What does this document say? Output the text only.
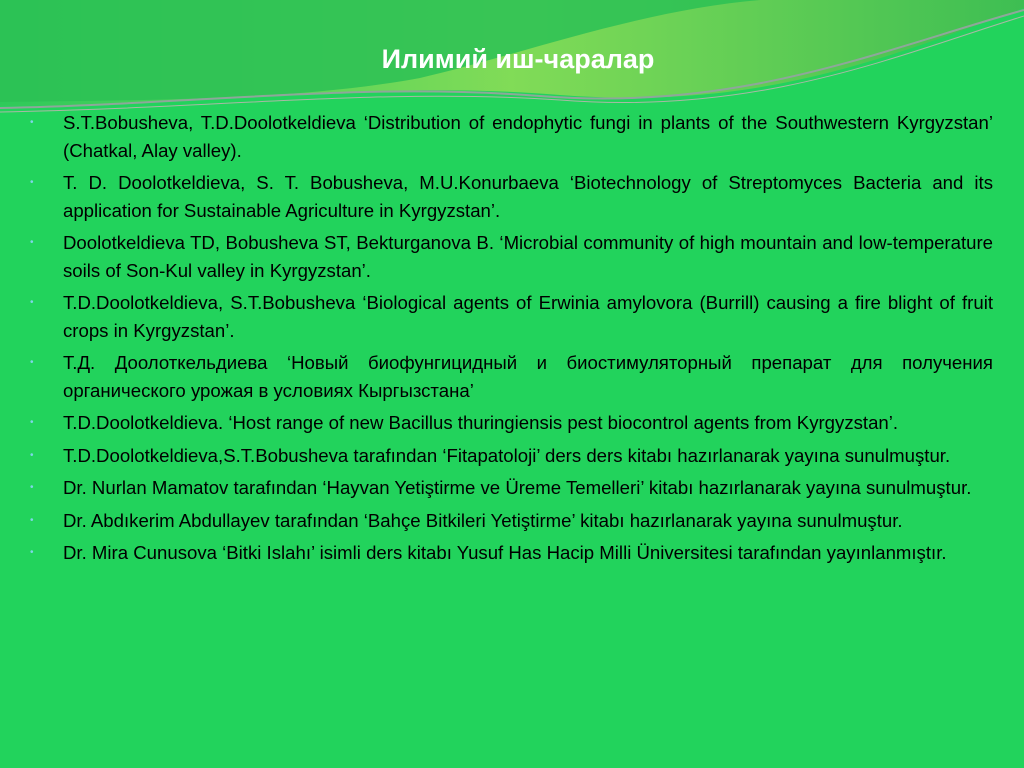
Илимий иш-чаралар
• S.T.Bobusheva, T.D.Doolotkeldieva ‘Distribution of endophytic fungi in plants of the Southwestern Kyrgyzstan’ (Chatkal, Alay valley).
• T. D. Doolotkeldieva, S. T. Bobusheva, M.U.Konurbaeva ‘Biotechnology of Streptomyces Bacteria and its application for Sustainable Agriculture in Kyrgyzstan’.
• Doolotkeldieva TD, Bobusheva ST, Bekturganova B. ‘Microbial community of high mountain and low-temperature soils of Son-Kul valley in Kyrgyzstan’.
• T.D.Doolotkeldieva, S.T.Bobusheva ‘Biological agents of Erwinia amylovora (Burrill) causing a fire blight of fruit crops in Kyrgyzstan’.
• Т.Д. Доолоткельдиева ‘Новый биофунгицидный и биостимуляторный препарат для получения органического урожая в условиях Кыргызстана’
• T.D.Doolotkeldieva. ‘Host range of new Bacillus thuringiensis pest biocontrol agents from Kyrgyzstan’.
• T.D.Doolotkeldieva,S.T.Bobusheva tarafından ‘Fitapatoloji’ ders ders kitabı hazırlanarak yayına sunulmuştur.
• Dr. Nurlan Mamatov tarafından ‘Hayvan Yetiştirme ve Üreme Temelleri’ kitabı hazırlanarak yayına sunulmuştur.
• Dr. Abdıkerim Abdullayev tarafından ‘Bahçe Bitkileri Yetiştirme’ kitabı hazırlanarak yayına sunulmuştur.
• Dr. Mira Cunusova ‘Bitki Islahı’ isimli ders kitabı Yusuf Has Hacip Milli Üniversitesi tarafından yayınlanmıştır.
